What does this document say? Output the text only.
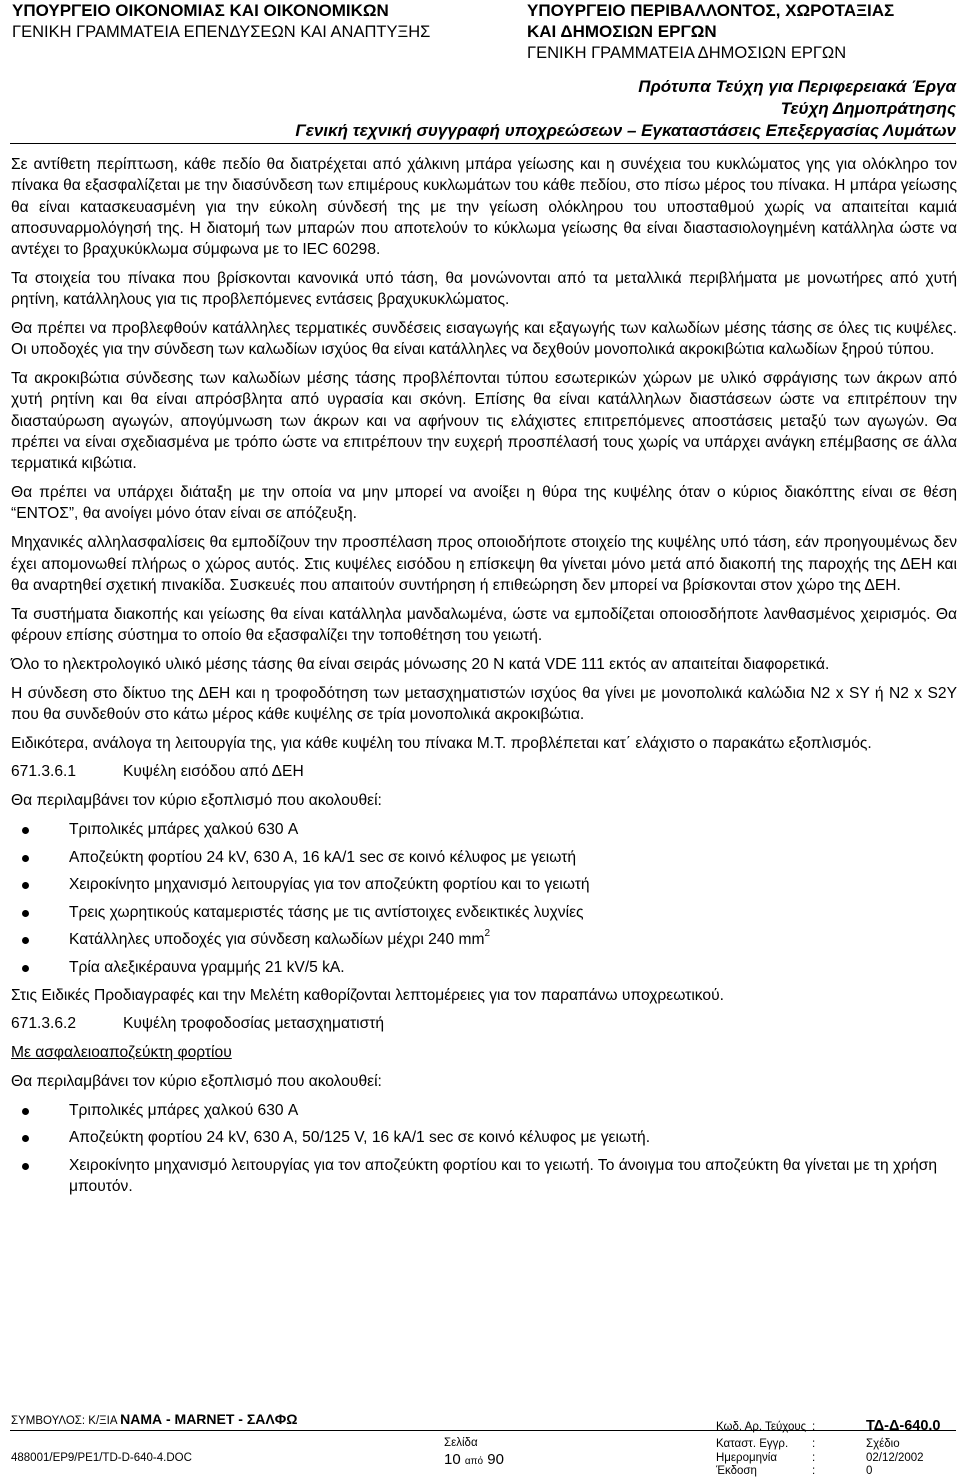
ΥΠΟΥΡΓΕΙΟ ΟΙΚΟΝΟΜΙΑΣ ΚΑΙ ΟΙΚΟΝΟΜΙΚΩΝ
ΓΕΝΙΚΗ ΓΡΑΜΜΑΤΕΙΑ ΕΠΕΝΔΥΣΕΩΝ ΚΑΙ ΑΝΑΠΤΥΞΗΣ
ΥΠΟΥΡΓΕΙΟ ΠΕΡΙΒΑΛΛΟΝΤΟΣ, ΧΩΡΟΤΑΞΙΑΣ
ΚΑΙ ΔΗΜΟΣΙΩΝ ΕΡΓΩΝ
ΓΕΝΙΚΗ ΓΡΑΜΜΑΤΕΙΑ ΔΗΜΟΣΙΩΝ ΕΡΓΩΝ
Πρότυπα Τεύχη για Περιφερειακά Έργα
Τεύχη Δημοπράτησης
Γενική τεχνική συγγραφή υποχρεώσεων – Εγκαταστάσεις Επεξεργασίας Λυμάτων

Σε αντίθετη περίπτωση, κάθε πεδίο θα διατρέχεται από χάλκινη μπάρα γείωσης και η συνέχεια του κυκλώματος γης για ολόκληρο τον πίνακα θα εξασφαλίζεται με την διασύνδεση των επιμέρους κυκλωμάτων του κάθε πεδίου, στο πίσω μέρος του πίνακα. Η μπάρα γείωσης θα είναι κατασκευασμένη για την εύκολη σύνδεσή της με την γείωση ολόκληρου του υποσταθμού χωρίς να απαιτείται καμιά αποσυναρμολόγησή της. Η διατομή των μπαρών που αποτελούν το κύκλωμα γείωσης θα είναι διαστασιολογημένη κατάλληλα ώστε να αντέχει το βραχυκύκλωμα σύμφωνα με το IEC 60298.

Τα στοιχεία του πίνακα που βρίσκονται κανονικά υπό τάση, θα μονώνονται από τα μεταλλικά περιβλήματα με μονωτήρες από χυτή ρητίνη, κατάλληλους για τις προβλεπόμενες εντάσεις βραχυκυκλώματος.

Θα πρέπει να προβλεφθούν κατάλληλες τερματικές συνδέσεις εισαγωγής και εξαγωγής των καλωδίων μέσης τάσης σε όλες τις κυψέλες. Οι υποδοχές για την σύνδεση των καλωδίων ισχύος θα είναι κατάλληλες να δεχθούν μονοπολικά ακροκιβώτια καλωδίων ξηρού τύπου.

Τα ακροκιβώτια σύνδεσης των καλωδίων μέσης τάσης προβλέπονται τύπου εσωτερικών χώρων με υλικό σφράγισης των άκρων από χυτή ρητίνη και θα είναι απρόσβλητα από υγρασία και σκόνη. Επίσης θα είναι κατάλληλων διαστάσεων ώστε να επιτρέπουν την διασταύρωση αγωγών, απογύμνωση των άκρων και να αφήνουν τις ελάχιστες επιτρεπόμενες αποστάσεις μεταξύ των αγωγών. Θα πρέπει να είναι σχεδιασμένα με τρόπο ώστε να επιτρέπουν την ευχερή προσπέλασή τους χωρίς να υπάρχει ανάγκη επέμβασης σε άλλα τερματικά κιβώτια.

Θα πρέπει να υπάρχει διάταξη με την οποία να μην μπορεί να ανοίξει η θύρα της κυψέλης όταν ο κύριος διακόπτης είναι σε θέση “ΕΝΤΟΣ”, θα ανοίγει μόνο όταν είναι σε απόζευξη.

Μηχανικές αλληλασφαλίσεις θα εμποδίζουν την προσπέλαση προς οποιοδήποτε στοιχείο της κυψέλης υπό τάση, εάν προηγουμένως δεν έχει απομονωθεί πλήρως ο χώρος αυτός. Στις κυψέλες εισόδου η επίσκεψη θα γίνεται μόνο μετά από διακοπή της παροχής της ΔΕΗ και θα αναρτηθεί σχετική πινακίδα. Συσκευές που απαιτούν συντήρηση ή επιθεώρηση δεν μπορεί να βρίσκονται στον χώρο της ΔΕΗ.

Τα συστήματα διακοπής και γείωσης θα είναι κατάλληλα μανδαλωμένα, ώστε να εμποδίζεται οποιοσδήποτε λανθασμένος χειρισμός. Θα φέρουν επίσης σύστημα το οποίο θα εξασφαλίζει την τοποθέτηση του γειωτή.

Όλο το ηλεκτρολογικό υλικό μέσης τάσης θα είναι σειράς μόνωσης 20 N κατά VDE 111 εκτός αν απαιτείται διαφορετικά.

Η σύνδεση στο δίκτυο της ΔΕΗ και η τροφοδότηση των μετασχηματιστών ισχύος θα γίνει με μονοπολικά καλώδια N2 x SY ή N2 x S2Y που θα συνδεθούν στο κάτω μέρος κάθε κυψέλης σε τρία μονοπολικά ακροκιβώτια.

Ειδικότερα, ανάλογα τη λειτουργία της, για κάθε κυψέλη του πίνακα Μ.Τ. προβλέπεται κατ΄ ελάχιστο ο παρακάτω εξοπλισμός.

671.3.6.1	Κυψέλη εισόδου από ΔΕΗ

Θα περιλαμβάνει τον κύριο εξοπλισμό που ακολουθεί:

Τριπολικές μπάρες χαλκού 630 A
Αποζεύκτη φορτίου 24 kV, 630 A, 16 kA/1 sec σε κοινό κέλυφος με γειωτή
Χειροκίνητο μηχανισμό λειτουργίας για τον αποζεύκτη φορτίου και το γειωτή
Τρεις χωρητικούς καταμεριστές τάσης με τις αντίστοιχες ενδεικτικές λυχνίες
Κατάλληλες υποδοχές για σύνδεση καλωδίων μέχρι 240 $mm^2$
Τρία αλεξικέραυνα γραμμής 21 kV/5 kA.

Στις Ειδικές Προδιαγραφές και την Μελέτη καθορίζονται λεπτομέρειες για τον παραπάνω υποχρεωτικού.

671.3.6.2	Κυψέλη τροφοδοσίας μετασχηματιστή

Με ασφαλειοαποζεύκτη φορτίου

Θα περιλαμβάνει τον κύριο εξοπλισμό που ακολουθεί:

Τριπολικές μπάρες χαλκού 630 A
Αποζεύκτη φορτίου 24 kV, 630 A, 50/125 V, 16 kA/1 sec σε κοινό κέλυφος με γειωτή.
Χειροκίνητο μηχανισμό λειτουργίας για τον αποζεύκτη φορτίου και το γειωτή. Το άνοιγμα του αποζεύκτη θα γίνεται με τη χρήση μπουτόν.
ΣΥΜΒΟΥΛΟΣ: Κ/ΞΙΑ ΝΑΜΑ - MARNET - ΣΑΛΦΩ
488001/ΕΡ9/ΡΕ1/TD-D-640-4.DOC
Σελίδα
10 από 90
Κωδ. Αρ. Τεύχους :	ΤΔ-Δ-640.0
Καταστ. Εγγρ. :	Σχέδιο
Ημερομηνία	:	02/12/2002
Έκδοση	:	0
